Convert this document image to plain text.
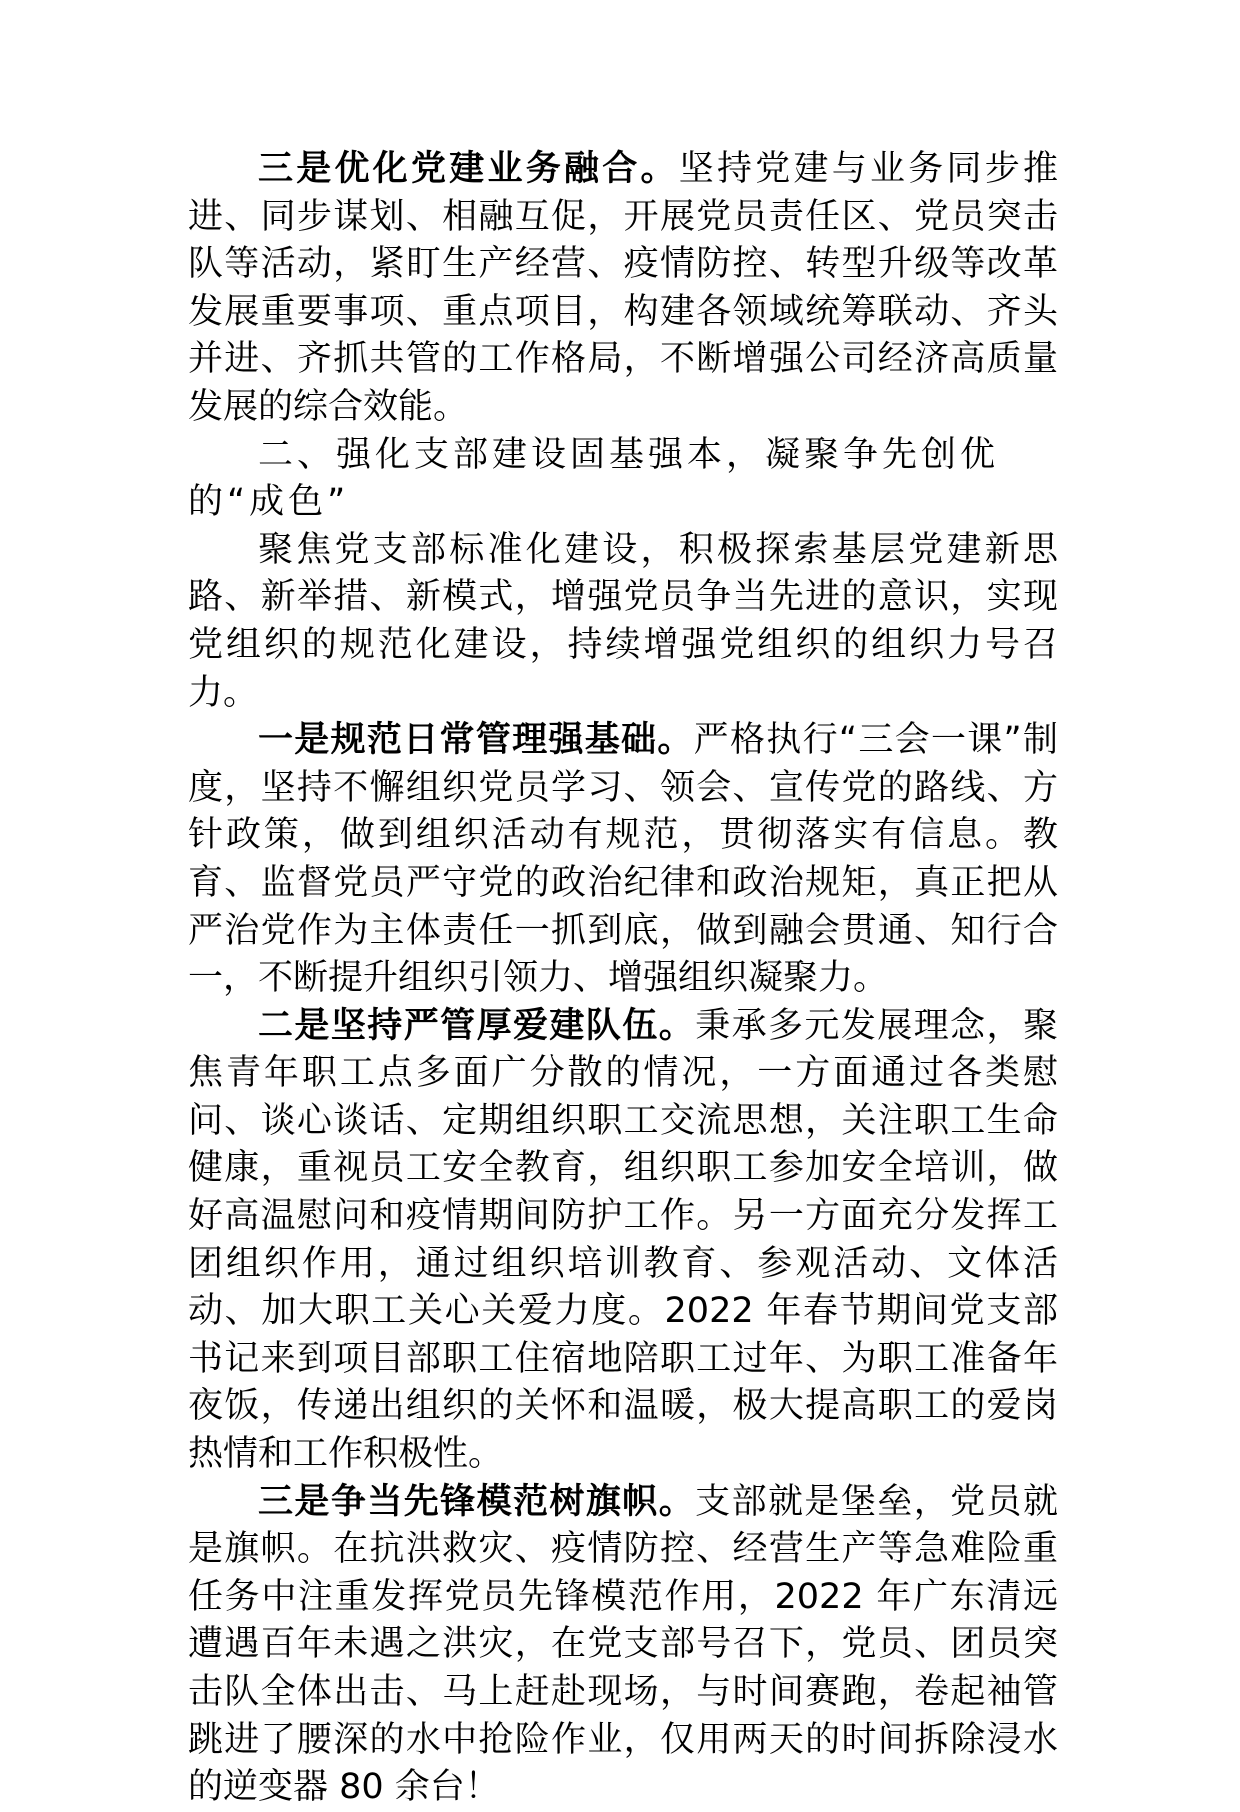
三是优化党建业务融合。坚持党建与业务同步推进、同步谋划、相融互促，开展党员责任区、党员突击队等活动，紧盯生产经营、疫情防控、转型升级等改革发展重要事项、重点项目，构建各领域统筹联动、齐头并进、齐抓共管的工作格局，不断增强公司经济高质量发展的综合效能。

二、强化支部建设固基强本，凝聚争先创优的“成色”

聚焦党支部标准化建设，积极探索基层党建新思路、新举措、新模式，增强党员争当先进的意识，实现党组织的规范化建设，持续增强党组织的组织力号召力。

一是规范日常管理强基础。严格执行“三会一课”制度，坚持不懈组织党员学习、领会、宣传党的路线、方针政策，做到组织活动有规范，贯彻落实有信息。教育、监督党员严守党的政治纪律和政治规矩，真正把从严治党作为主体责任一抓到底，做到融会贯通、知行合一，不断提升组织引领力、增强组织凝聚力。

二是坚持严管厚爱建队伍。秉承多元发展理念，聚焦青年职工点多面广分散的情况，一方面通过各类慰问、谈心谈话、定期组织职工交流思想，关注职工生命健康，重视员工安全教育，组织职工参加安全培训，做好高温慰问和疫情期间防护工作。另一方面充分发挥工团组织作用，通过组织培训教育、参观活动、文体活动、加大职工关心关爱力度。2022 年春节期间党支部书记来到项目部职工住宿地陪职工过年、为职工准备年夜饭，传递出组织的关怀和温暖，极大提高职工的爱岗热情和工作积极性。

三是争当先锋模范树旗帜。支部就是堡垒，党员就是旗帜。在抗洪救灾、疫情防控、经营生产等急难险重任务中注重发挥党员先锋模范作用，2022 年广东清远遭遇百年未遇之洪灾，在党支部号召下，党员、团员突击队全体出击、马上赶赴现场，与时间赛跑，卷起袖管跳进了腰深的水中抢险作业，仅用两天的时间拆除浸水的逆变器 80 余台！
